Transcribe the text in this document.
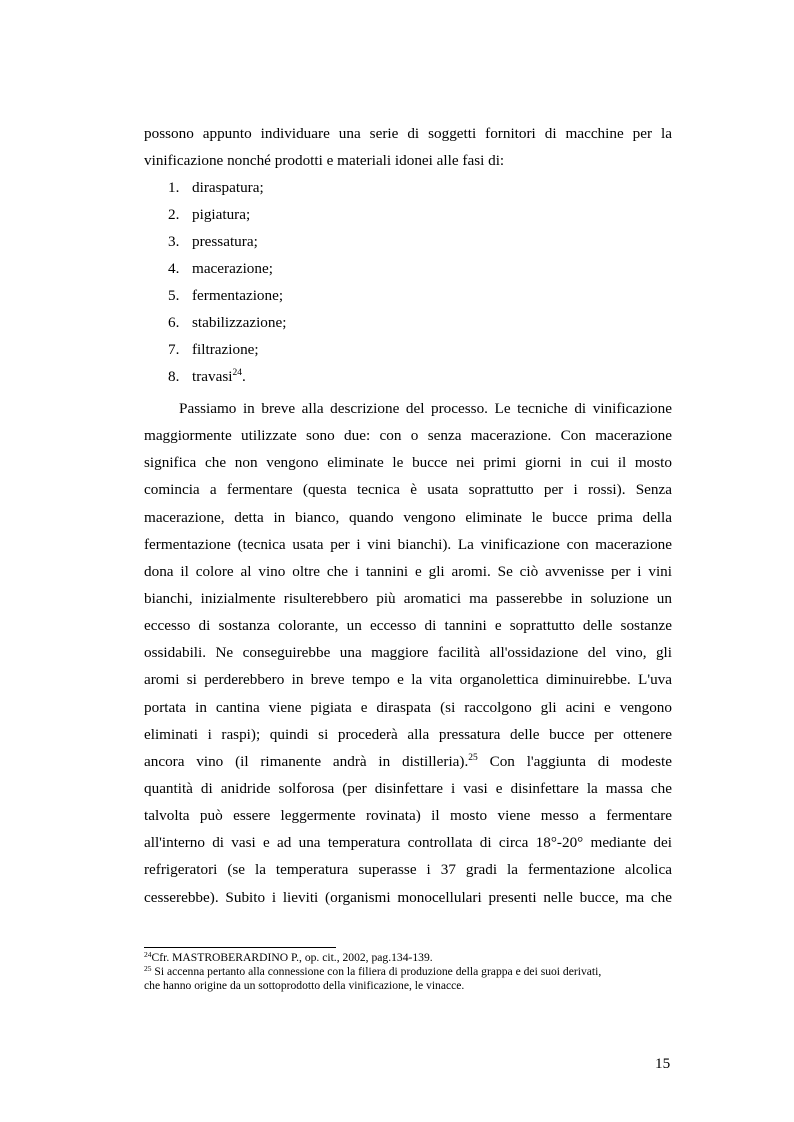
possono appunto individuare una serie di soggetti fornitori di macchine per la
vinificazione nonché prodotti e materiali idonei alle fasi di:
1. diraspatura;
2. pigiatura;
3. pressatura;
4. macerazione;
5. fermentazione;
6. stabilizzazione;
7. filtrazione;
8. travasi$^{24}$.
Passiamo in breve alla descrizione del processo. Le tecniche di vinificazione
maggiormente utilizzate sono due: con o senza macerazione. Con macerazione
significa che non vengono eliminate le bucce nei primi giorni in cui il mosto
comincia a fermentare (questa tecnica è usata soprattutto per i rossi). Senza
macerazione, detta in bianco, quando vengono eliminate le bucce prima della
fermentazione (tecnica usata per i vini bianchi). La vinificazione con macerazione
dona il colore al vino oltre che i tannini e gli aromi. Se ciò avvenisse per i vini
bianchi, inizialmente risulterebbero più aromatici ma passerebbe in soluzione un
eccesso di sostanza colorante, un eccesso di tannini e soprattutto delle sostanze
ossidabili. Ne conseguirebbe una maggiore facilità all'ossidazione del vino, gli
aromi si perderebbero in breve tempo e la vita organolettica diminuirebbe. L'uva
portata in cantina viene pigiata e diraspata (si raccolgono gli acini e vengono
eliminati i raspi); quindi si procederà alla pressatura delle bucce per ottenere
ancora vino (il rimanente andrà in distilleria).$^{25}$ Con l'aggiunta di modeste
quantità di anidride solforosa (per disinfettare i vasi e disinfettare la massa che
talvolta può essere leggermente rovinata) il mosto viene messo a fermentare
all'interno di vasi e ad una temperatura controllata di circa 18°-20° mediante dei
refrigeratori (se la temperatura superasse i 37 gradi la fermentazione alcolica
cesserebbe). Subito i lieviti (organismi monocellulari presenti nelle bucce, ma che

$^{24}$Cfr. MASTROBERARDINO P., op. cit., 2002, pag.134-139.

$^{25}$ Si accenna pertanto alla connessione con la filiera di produzione della grappa e dei suoi derivati,
che hanno origine da un sottoprodotto della vinificazione, le vinacce.

15
